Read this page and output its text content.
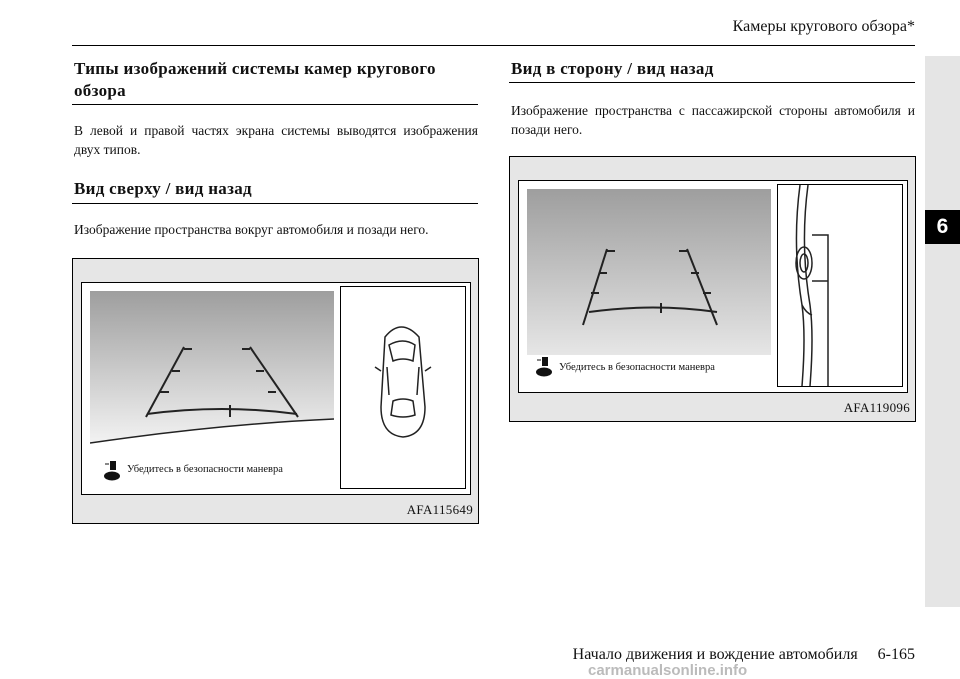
Камеры кругового обзора*
6
Типы изображений системы камер кругового обзора
В левой и правой частях экрана системы выводятся изображения двух типов.
Вид сверху / вид назад
Изображение пространства вокруг автомобиля и позади него.
Убедитесь в безопасности маневра
AFA115649
Вид в сторону / вид назад
Изображение пространства с пассажирской стороны автомобиля и позади него.
Убедитесь в безопасности маневра
AFA119096
Начало движения и вождение автомобиля 6-165
carmanualsonline.info
